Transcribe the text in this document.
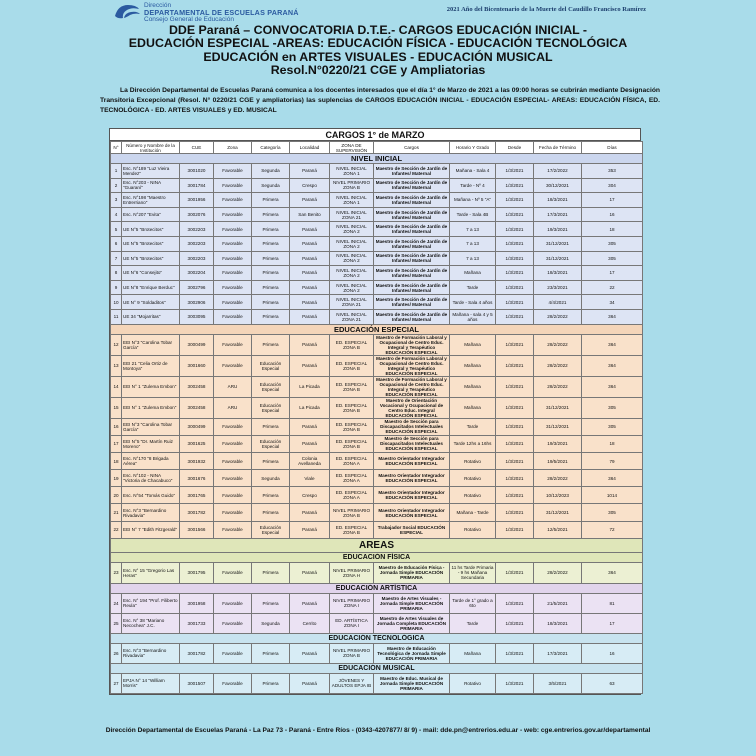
Dirección
DEPARTAMENTAL DE ESCUELAS PARANÁ
Consejo General de Educación
2021 Año del Bicentenario de la Muerte del Caudillo Francisco Ramírez
DDE Paraná – CONVOCATORIA D.T.E.- CARGOS EDUCACIÓN INICIAL -
EDUCACIÓN ESPECIAL -AREAS: EDUCACIÓN FÍSICA - EDUCACIÓN TECNOLÓGICA
EDUCACIÓN en ARTES VISUALES - EDUCACIÓN MUSICAL
Resol.N°0220/21 CGE y Ampliatorias
La Dirección Departamental de Escuelas Paraná comunica a los docentes interesados que el día 1° de Marzo de 2021 a las 09:00 horas se cubrirán mediante Designación Transitoria Excepcional (Resol. N° 0220/21 CGE y ampliatorias) las suplencias de CARGOS EDUCACIÓN INICIAL - EDUCACIÓN ESPECIAL- AREAS: EDUCACIÓN FÍSICA, ED. TECNOLÓGICA - ED. ARTES VISUALES y ED. MUSICAL
CARGOS 1° de MARZO
N°	Número y Nombre de la Institución	CUE	Zona	Categoría	Localidad	ZONA DE SUPERVISIÓN	Cargos	Horario Y Grado	Desde	Fecha de Término	Días
NIVEL INICIAL											
1	Esc. N°189 "Luz Vieira Mendez"	3001020	Favorable	Segunda	Paraná	NIVEL INICIAL ZONA 1	Maestro de Sección de Jardín de Infantes/ Maternal	Mañana - Sala 4	1/3/2021	17/2/2022	353
2	Esc. N°203 - NINA "Guaraní"	3001784	Favorable	Segunda	Crespo	NIVEL PRIMARIO ZONA B	Maestro de Sección de Jardín de Infantes/ Maternal	Tarde - Nº 4	1/3/2021	30/12/2021	304
3	Esc. N°198 "Maestro Entrerriano"	3001956	Favorable	Primera	Paraná	NIVEL INICIAL ZONA 1	Maestro de Sección de Jardín de Infantes/ Maternal	Mañana - Nº 5 "A"	1/3/2021	18/3/2021	17
4	Esc. N°207 "Evita"	3002076	Favorable	Primera	San Benito	NIVEL INICIAL ZONA 21	Maestro de Sección de Jardín de Infantes/ Maternal	Tarde - Sala 4B	1/3/2021	17/3/2021	16
5	UE N°5 "Brotecitos"	3002203	Favorable	Primera	Paraná	NIVEL INICIAL ZONA 2	Maestro de Sección de Jardín de Infantes/ Maternal	7 a 13	1/3/2021	19/3/2021	18
6	UE N°5 "Brotecitos"	3002203	Favorable	Primera	Paraná	NIVEL INICIAL ZONA 2	Maestro de Sección de Jardín de Infantes/ Maternal	7 a 13	1/3/2021	31/12/2021	305
7	UE N°5 "Brotecitos"	3002203	Favorable	Primera	Paraná	NIVEL INICIAL ZONA 2	Maestro de Sección de Jardín de Infantes/ Maternal	7 a 13	1/3/2021	31/12/2021	305
8	UE N°6 "Consejito"	3002204	Favorable	Primera	Paraná	NIVEL INICIAL ZONA 2	Maestro de Sección de Jardín de Infantes/ Maternal	Mañana	1/3/2021	18/3/2021	17
9	UE N°8 "Enrique Berduc"	3002796	Favorable	Primera	Paraná	NIVEL INICIAL ZONA 2	Maestro de Sección de Jardín de Infantes/ Maternal	Tarde	1/3/2021	23/3/2021	22
10	UE N° 9 "Soldaditos"	3002906	Favorable	Primera	Paraná	NIVEL INICIAL ZONA 21	Maestro de Sección de Jardín de Infantes/ Maternal	Tarde - Sala 4 años	1/3/2021	4/4/2021	34
11	UE 34 "Mojarritas"	3003095	Favorable	Primera	Paraná	NIVEL INICIAL ZONA 21	Maestro de Sección de Jardín de Infantes/ Maternal	Mañana - sala 4 y 5 años	1/3/2021	28/2/2022	364
EDUCACIÓN ESPECIAL											
12	EEI N°3 "Carolina Tobar García"	3000499	Favorable	Primera	Paraná	ED. ESPECIAL ZONA B	Maestro de Formación Laboral y Ocupacional de Centro Educ. Integral y Terapéutico EDUCACIÓN ESPECIAL	Mañana	1/3/2021	28/2/2022	364
13	EEI 21 "Celia Ortiz de Montoya"	3001660	Favorable	Educación Especial	Paraná	ED. ESPECIAL ZONA B	Maestro de Formación Laboral y Ocupacional de Centro Educ. Integral y Terapéutico EDUCACIÓN ESPECIAL	Mañana	1/3/2021	28/2/2022	364
14	EEI N° 1 "Zulema Embon"	3002458	ARU	Educación Especial	La Picada	ED. ESPECIAL ZONA B	Maestro de Formación Laboral y Ocupacional de Centro Educ. Integral y Terapéutico EDUCACIÓN ESPECIAL	Mañana	1/3/2021	28/2/2022	364
15	EEI N° 1 "Zulema Embon"	3002458	ARU	Educación Especial	La Picada	ED. ESPECIAL ZONA B	Maestro de Orientación Vocacional y Ocupacional de Centro Educ. Integral EDUCACIÓN ESPECIAL	Mañana	1/3/2021	31/12/2021	305
16	EEI N°3 "Carolina Tobar García"	3000499	Favorable	Primera	Paraná	ED. ESPECIAL ZONA B	Maestro de Sección para Discapacitados Intelectuales EDUCACIÓN ESPECIAL	Tarde	1/3/2021	31/12/2021	305
17	EEI N°5 "Dr. Martín Ruiz Moreno"	3001625	Favorable	Educación Especial	Paraná	ED. ESPECIAL ZONA B	Maestro de Sección para Discapacitados Intelectuales EDUCACIÓN ESPECIAL	Tarde 12hs a 16hs	1/3/2021	19/3/2021	18
18	Esc. N°170 "8 Brigada Aérea"	3001932	Favorable	Primera	Colonia Avellaneda	ED. ESPECIAL ZONA A	Maestro Orientador Integrador EDUCACIÓN ESPECIAL	Rotativo	1/3/2021	19/5/2021	79
19	Esc. N°102 - NINA "Victoria de Chacabuco"	3001676	Favorable	Segunda	Viale	ED. ESPECIAL ZONA A	Maestro Orientador Integrador EDUCACIÓN ESPECIAL	Rotativo	1/3/2021	28/2/2022	364
20	Esc. N°54 "Tomás Guido"	3001765	Favorable	Primera	Crespo	ED. ESPECIAL ZONA A	Maestro Orientador Integrador EDUCACIÓN ESPECIAL	Rotativo	1/3/2021	10/12/2023	1014
21	Esc. N°3 "Bernardino Rivadavia"	3001782	Favorable	Primera	Paraná	NIVEL PRIMARIO ZONA B	Maestro Orientador Integrador EDUCACIÓN ESPECIAL	Mañana - Tarde	1/3/2021	31/12/2021	305
22	EEI N° 7 "Edith Fitzgerald"	3001566	Favorable	Educación Especial	Paraná	ED. ESPECIAL ZONA B	Trabajador Social EDUCACIÓN ESPECIAL	Rotativo	1/3/2021	12/5/2021	72
AREAS											
EDUCACIÓN FÍSICA											
23	Esc. N° 15 "Gregorio Las Heras"	3001795	Favorable	Primera	Paraná	NIVEL PRIMARIO ZONA H	Maestro de Educación Física - Jornada Simple EDUCACIÓN PRIMARIA	11 hs Tarde Primaria - 9 hs Mañana Secundaria	1/3/2021	28/2/2022	364
EDUCACIÓN ARTÍSTICA											
24	Esc. N° 194 "Prof. Filiberto Reula"	3001958	Favorable	Primera	Paraná	NIVEL PRIMARIO ZONA I	Maestro de Artes Visuales - Jornada Simple EDUCACIÓN PRIMARIA	Tarde de 1° grado a 6to	1/3/2021	21/5/2021	81
25	Esc. N° 38 "Mariano Necochea" J.C.	3001733	Favorable	Segunda	Cerrito	ED. ARTÍSTICA ZONA I	Maestro de Artes Visuales de Jornada Completa EDUCACIÓN PRIMARIA	Tarde	1/3/2021	18/3/2021	17
EDUCACIÓN TECNOLÓGICA											
26	Esc. N°3 "Bernardino Rivadavia"	3001782	Favorable	Primera	Paraná	NIVEL PRIMARIO ZONA B	Maestro de Educación Tecnológica de Jornada Simple EDUCACIÓN PRIMARIA	Mañana	1/3/2021	17/3/2021	16
EDUCACIÓN MUSICAL											
27	EPJA N° 14 "William Morris"	3001507	Favorable	Primera	Paraná	JÓVENES Y ADULTOS EPJA IB	Maestro de Educ. Musical de Jornada Simple EDUCACIÓN PRIMARIA	Rotativo	1/3/2021	3/5/2021	63
Dirección Departamental de Escuelas Paraná - La Paz 73 - Paraná - Entre Ríos - (0343-4207877/ 8/ 9) - mail: dde.pn@entrerios.edu.ar - web: cge.entrerios.gov.ar/departamental
